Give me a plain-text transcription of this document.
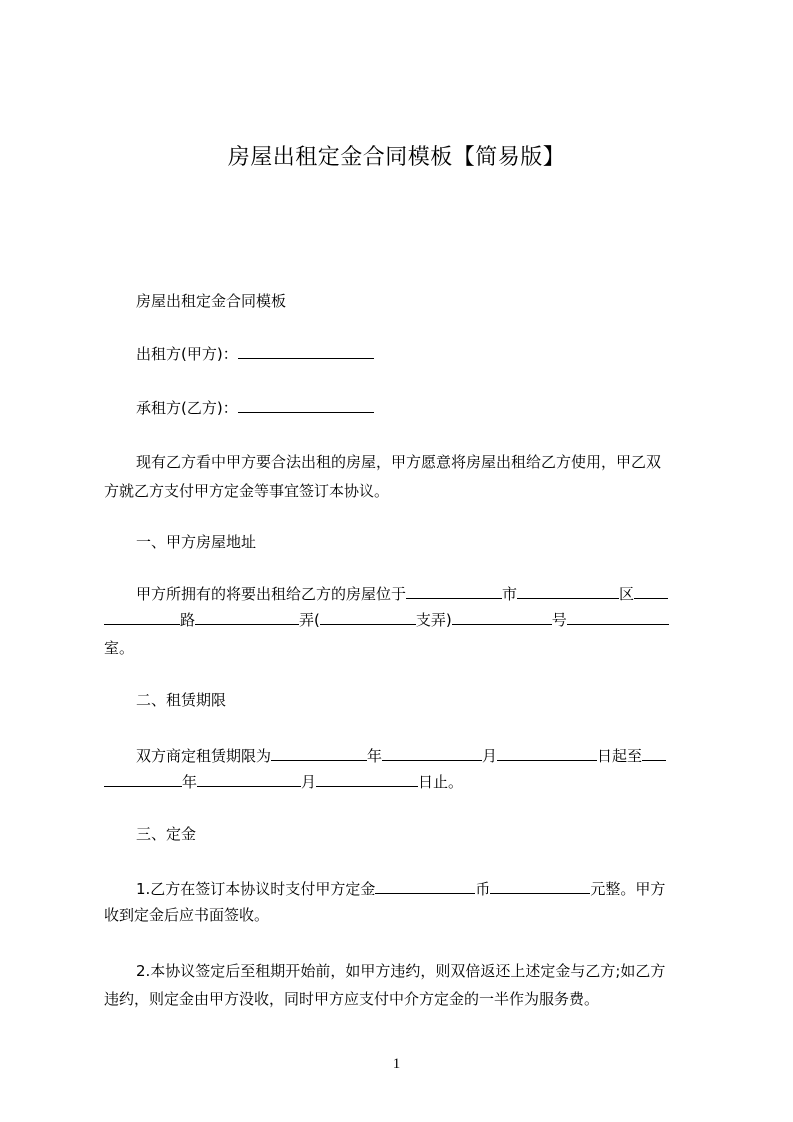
房屋出租定金合同模板【简易版】
房屋出租定金合同模板
出租方(甲方)：
承租方(乙方)：
现有乙方看中甲方要合法出租的房屋，甲方愿意将房屋出租给乙方使用，甲乙双
方就乙方支付甲方定金等事宜签订本协议。
一、甲方房屋地址
甲方所拥有的将要出租给乙方的房屋位于	市	区
路	弄(	支弄)	号
室。
二、租赁期限
双方商定租赁期限为	年	月	日起至
年	月	日止。
三、定金
1.乙方在签订本协议时支付甲方定金	币	元整。甲方
收到定金后应书面签收。
2.本协议签定后至租期开始前，如甲方违约，则双倍返还上述定金与乙方;如乙方
违约，则定金由甲方没收，同时甲方应支付中介方定金的一半作为服务费。
1
